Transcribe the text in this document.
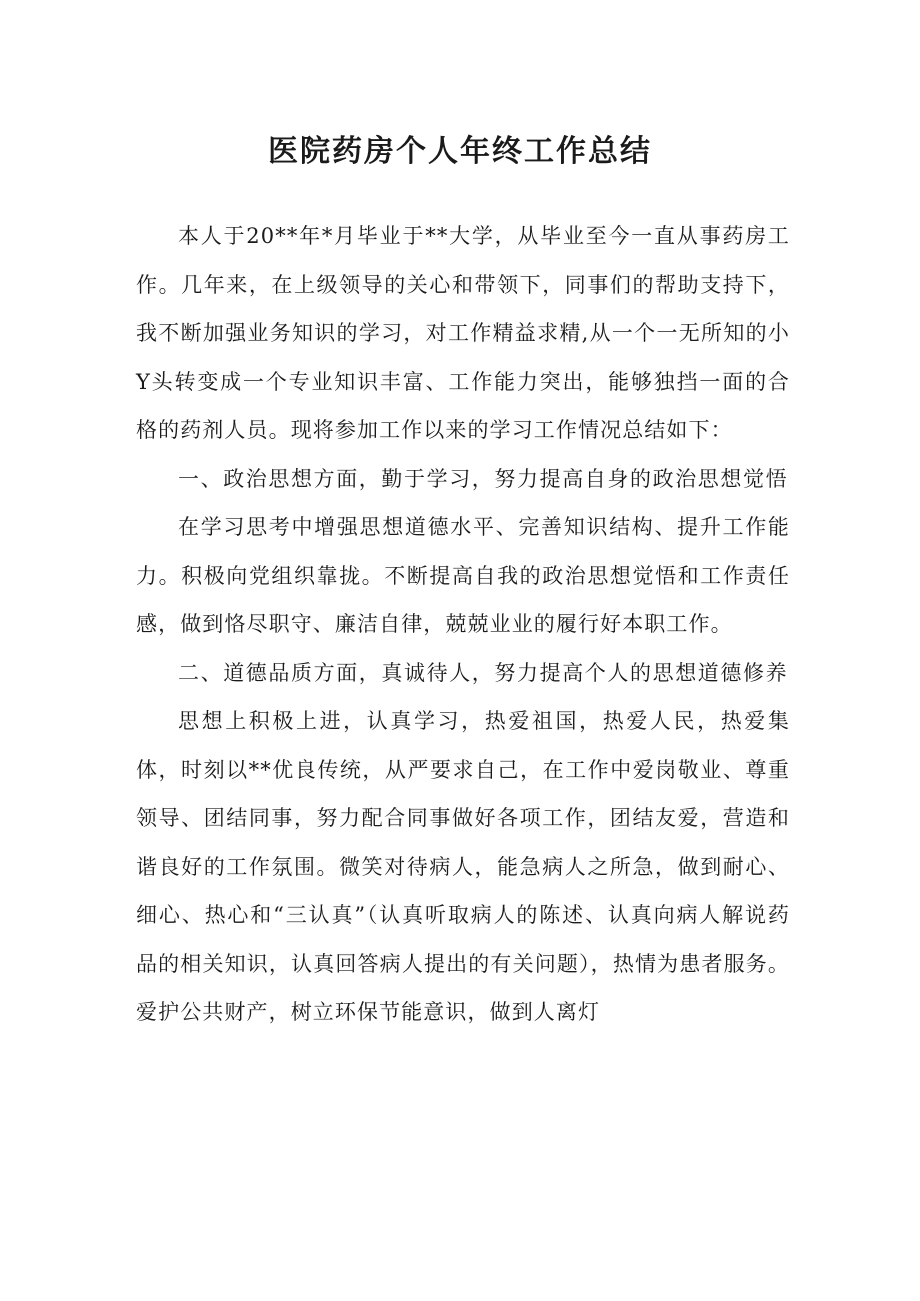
医院药房个人年终工作总结

本人于20**年*月毕业于**大学，从毕业至今一直从事药房工作。几年来，在上级领导的关心和带领下，同事们的帮助支持下，我不断加强业务知识的学习，对工作精益求精,从一个一无所知的小Y头转变成一个专业知识丰富、工作能力突出，能够独挡一面的合格的药剂人员。现将参加工作以来的学习工作情况总结如下：

一、政治思想方面，勤于学习，努力提高自身的政治思想觉悟

在学习思考中增强思想道德水平、完善知识结构、提升工作能力。积极向党组织靠拢。不断提高自我的政治思想觉悟和工作责任感，做到恪尽职守、廉洁自律，兢兢业业的履行好本职工作。

二、道德品质方面，真诚待人，努力提高个人的思想道德修养

思想上积极上进，认真学习，热爱祖国，热爱人民，热爱集体，时刻以**优良传统，从严要求自己，在工作中爱岗敬业、尊重领导、团结同事，努力配合同事做好各项工作，团结友爱，营造和谐良好的工作氛围。微笑对待病人，能急病人之所急，做到耐心、细心、热心和“三认真”（认真听取病人的陈述、认真向病人解说药品的相关知识，认真回答病人提出的有关问题），热情为患者服务。爱护公共财产，树立环保节能意识，做到人离灯
